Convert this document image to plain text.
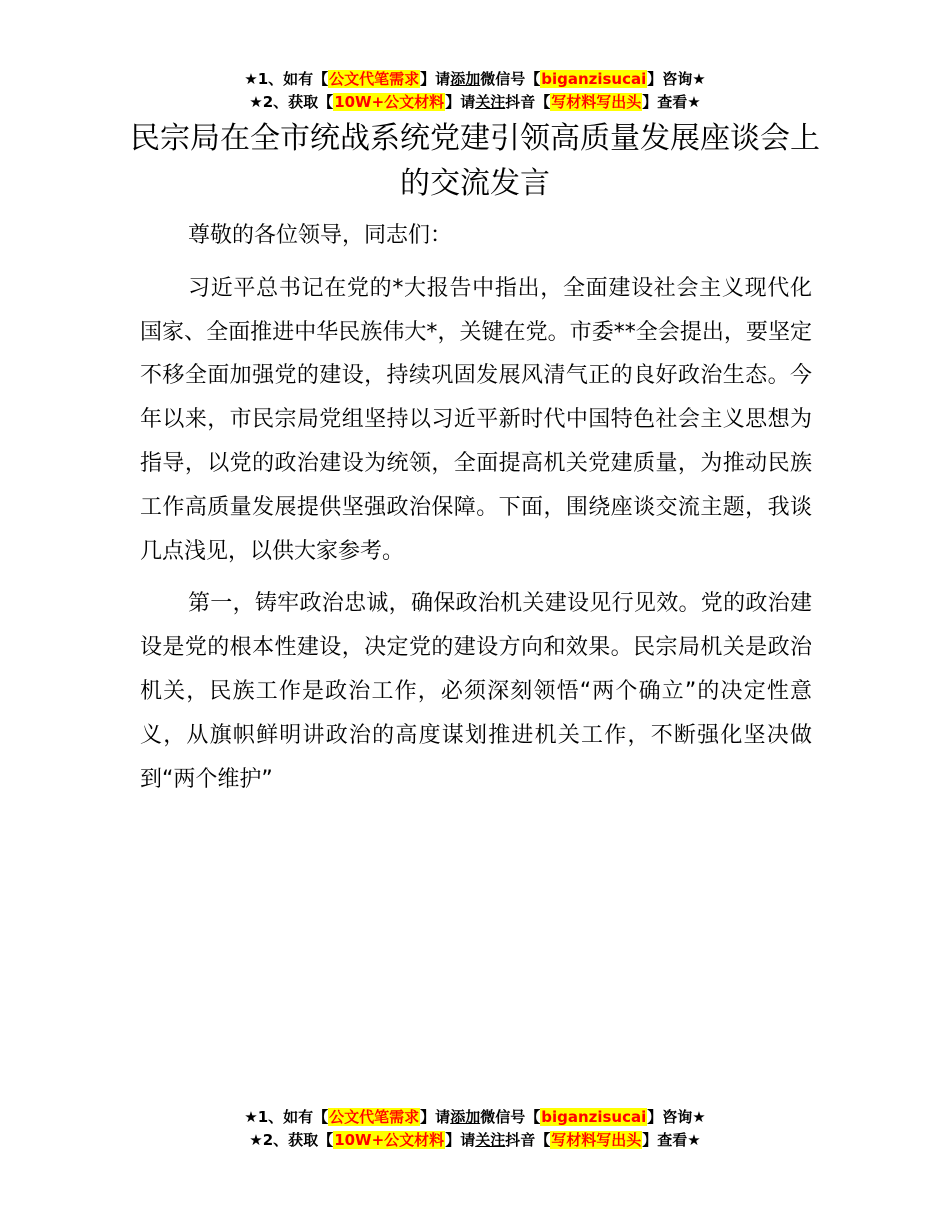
★1、如有【公文代笔需求】请添加微信号【biganzisucai】咨询★
★2、获取【10W+公文材料】请关注抖音【写材料写出头】查看★
民宗局在全市统战系统党建引领高质量发展座谈会上的交流发言

尊敬的各位领导，同志们：

习近平总书记在党的*大报告中指出，全面建设社会主义现代化国家、全面推进中华民族伟大*，关键在党。市委**全会提出，要坚定不移全面加强党的建设，持续巩固发展风清气正的良好政治生态。今年以来，市民宗局党组坚持以习近平新时代中国特色社会主义思想为指导，以党的政治建设为统领，全面提高机关党建质量，为推动民族工作高质量发展提供坚强政治保障。下面，围绕座谈交流主题，我谈几点浅见，以供大家参考。

第一，铸牢政治忠诚，确保政治机关建设见行见效。党的政治建设是党的根本性建设，决定党的建设方向和效果。民宗局机关是政治机关，民族工作是政治工作，必须深刻领悟“两个确立”的决定性意义，从旗帜鲜明讲政治的高度谋划推进机关工作，不断强化坚决做到“两个维护”

★1、如有【公文代笔需求】请添加微信号【biganzisucai】咨询★
★2、获取【10W+公文材料】请关注抖音【写材料写出头】查看★
